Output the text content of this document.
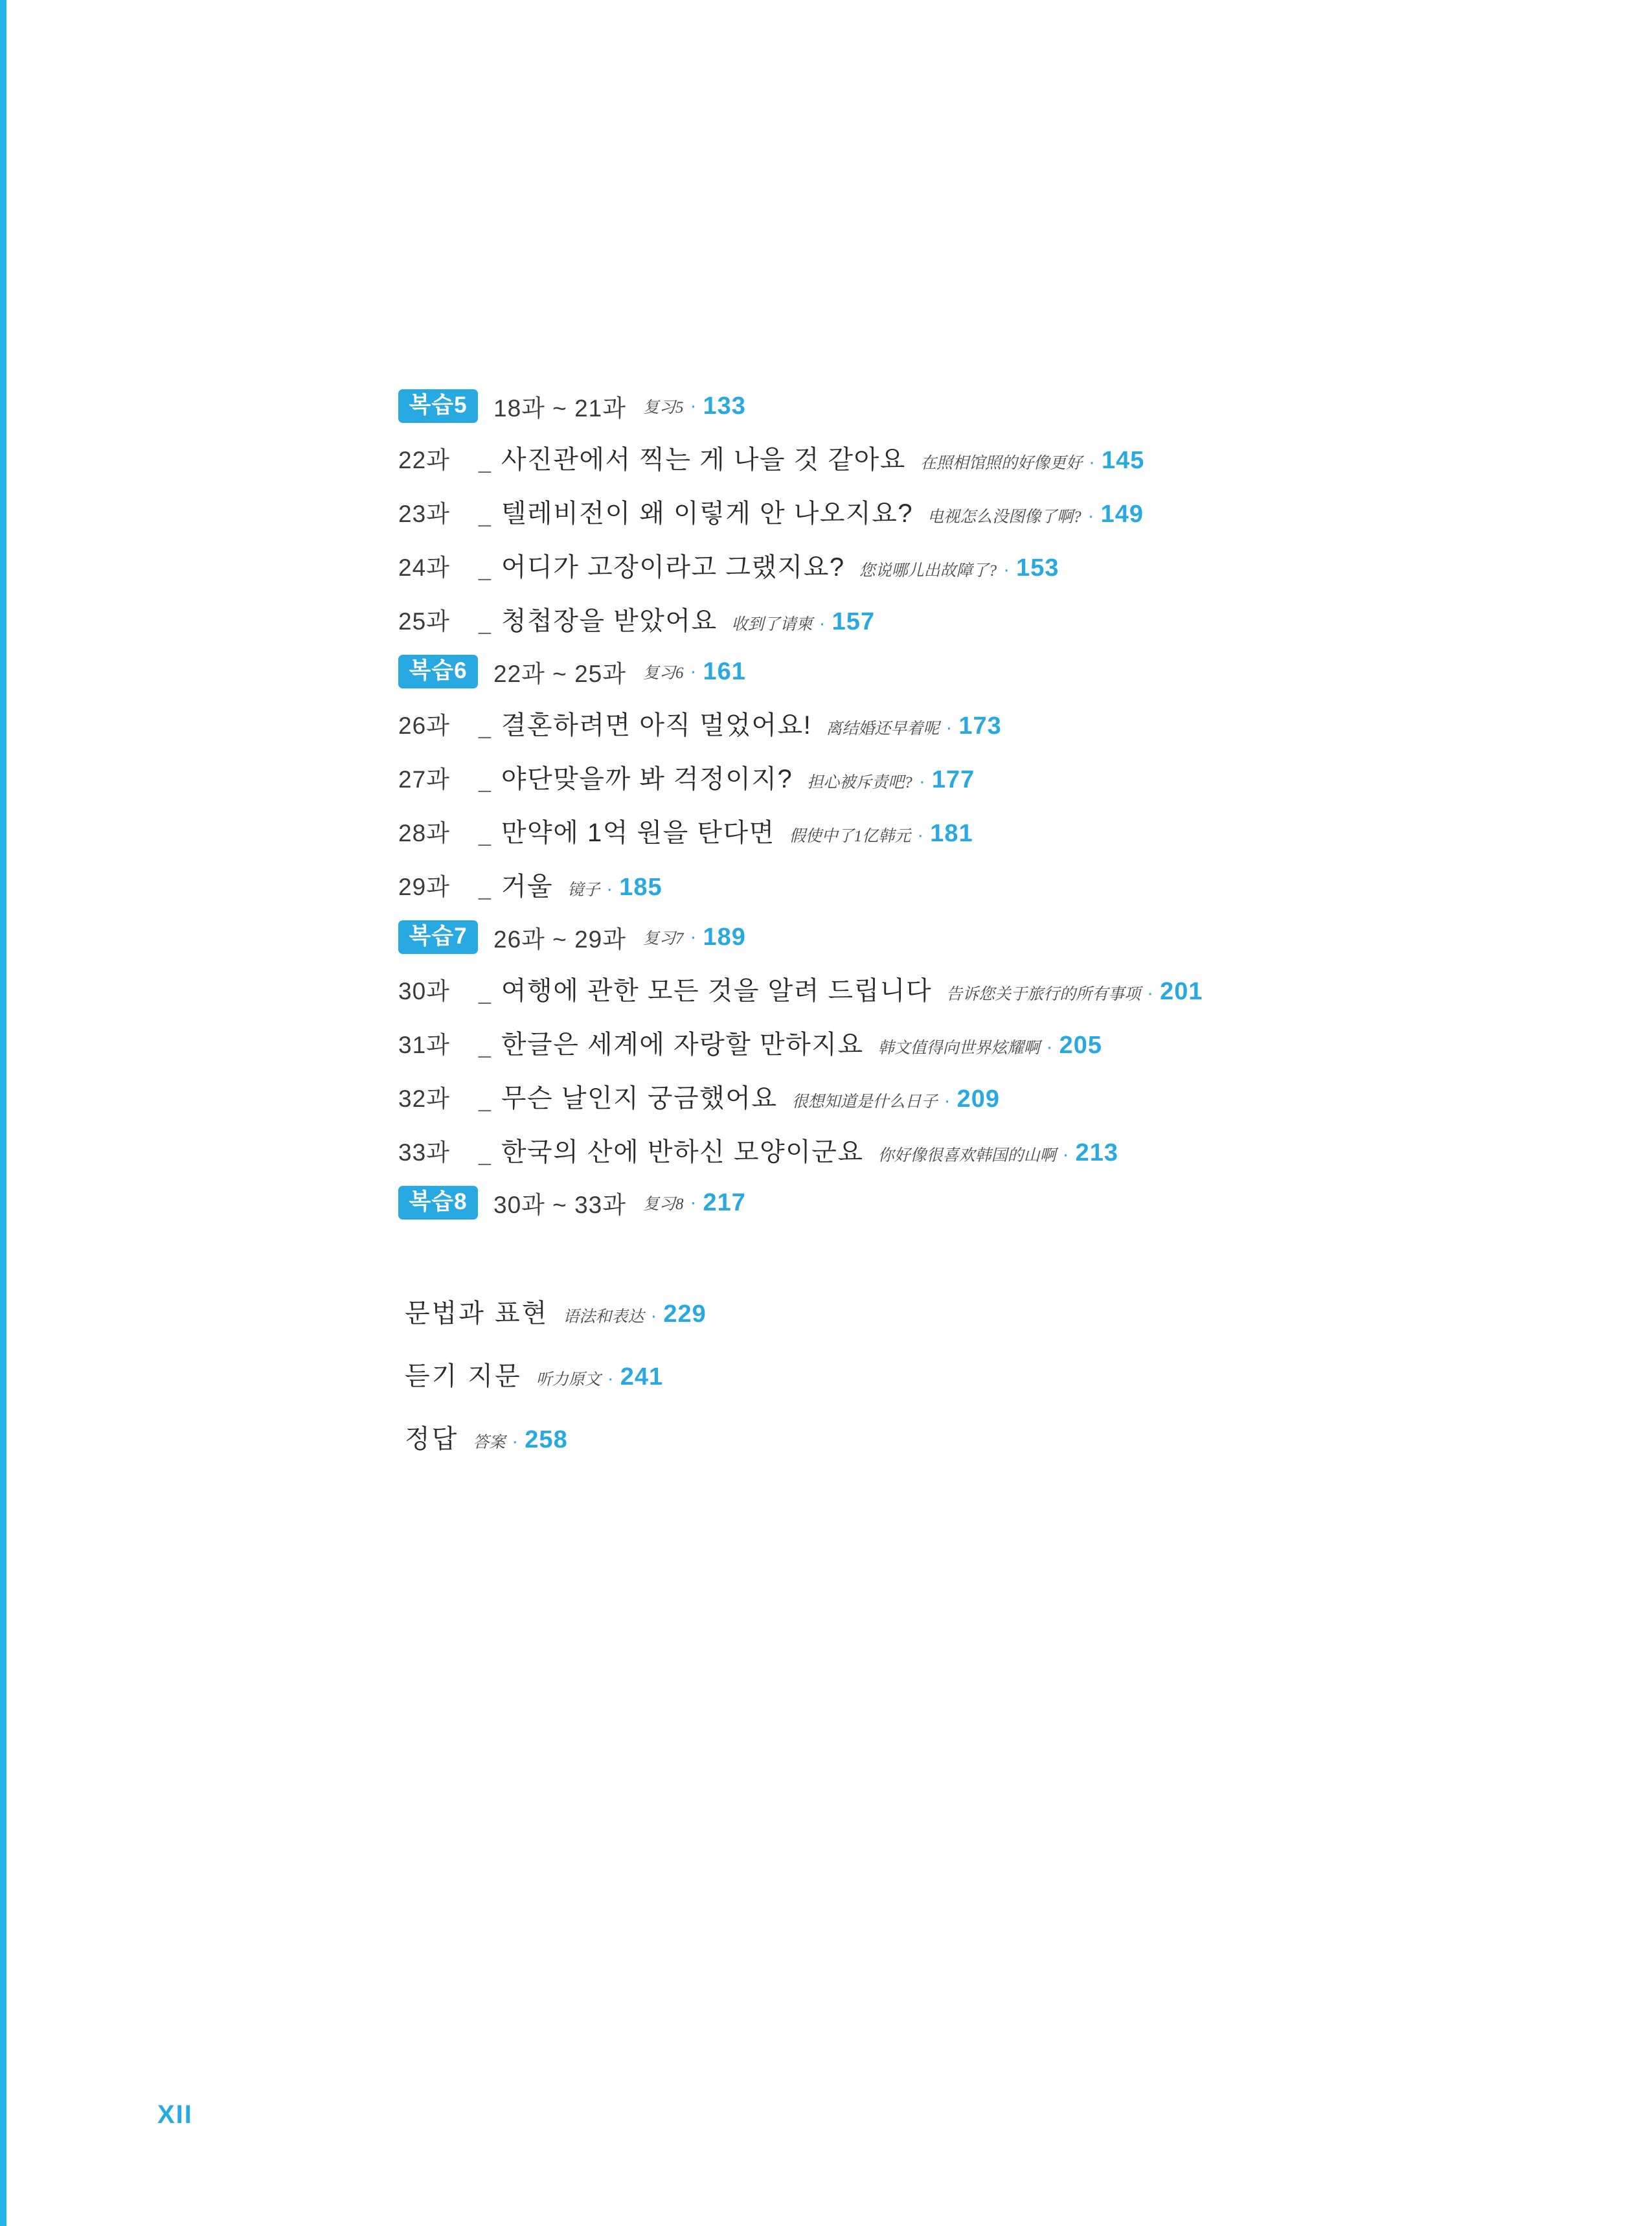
복습5	18과 ~ 21과 复习5 · 133
22과	_ 사진관에서 찍는 게 나을 것 같아요 在照相馆照的好像更好 · 145
23과	_ 텔레비전이 왜 이렇게 안 나오지요? 电视怎么没图像了啊? · 149
24과	_ 어디가 고장이라고 그랬지요? 您说哪儿出故障了? · 153
25과	_ 청첩장을 받았어요 收到了请柬 · 157
복습6	22과 ~ 25과 复习6 · 161
26과	_ 결혼하려면 아직 멀었어요! 离结婚还早着呢 · 173
27과	_ 야단맞을까 봐 걱정이지? 担心被斥责吧? · 177
28과	_ 만약에 1억 원을 탄다면 假使中了1亿韩元 · 181
29과	_ 거울 镜子 · 185
복습7	26과 ~ 29과 复习7 · 189
30과	_ 여행에 관한 모든 것을 알려 드립니다 告诉您关于旅行的所有事项 · 201
31과	_ 한글은 세계에 자랑할 만하지요 韩文值得向世界炫耀啊 · 205
32과	_ 무슨 날인지 궁금했어요 很想知道是什么日子 · 209
33과	_ 한국의 산에 반하신 모양이군요 你好像很喜欢韩国的山啊 · 213
복습8	30과 ~ 33과 复习8 · 217
문법과 표현 语法和表达 · 229
듣기 지문 听力原文 · 241
정답 答案 · 258
XII
